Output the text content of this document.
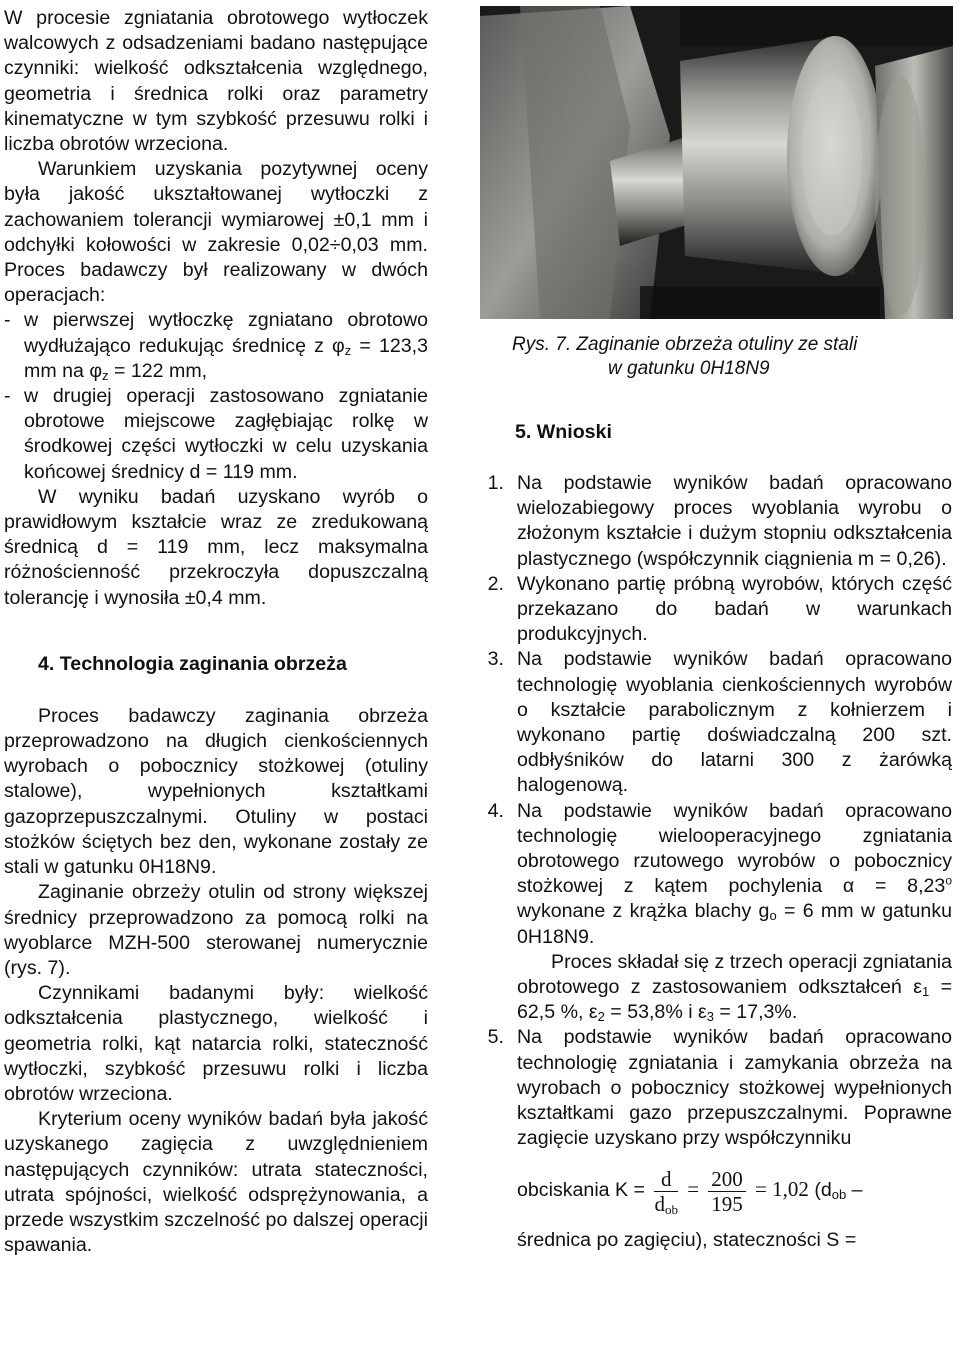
W procesie zgniatania obrotowego wytłoczek walcowych z odsadzeniami badano następujące czynniki: wielkość odkształcenia względnego, geometria i średnica rolki oraz parametry kinematyczne w tym szybkość przesuwu rolki i liczba obrotów wrzeciona.

Warunkiem uzyskania pozytywnej oceny była jakość ukształtowanej wytłoczki z zachowaniem tolerancji wymiarowej ±0,1 mm i odchyłki kołowości w zakresie 0,02÷0,03 mm. Proces badawczy był realizowany w dwóch operacjach:

- w pierwszej wytłoczkę zgniatano obrotowo wydłużająco redukując średnicę z $\varphi_z = 123,3$ mm na $\varphi_z = 122$ mm,

- w drugiej operacji zastosowano zgniatanie obrotowe miejscowe zagłębiając rolkę w środkowej części wytłoczki w celu uzyskania końcowej średnicy d = 119 mm.

W wyniku badań uzyskano wyrób o prawidłowym kształcie wraz ze zredukowaną średnicą d = 119 mm, lecz maksymalna różnościenność przekroczyła dopuszczalną tolerancję i wynosiła ±0,4 mm.

4. Technologia zaginania obrzeża

Proces badawczy zaginania obrzeża przeprowadzono na długich cienkościennych wyrobach o pobocznicy stożkowej (otuliny stalowe), wypełnionych kształtkami gazoprzepuszczalnymi. Otuliny w postaci stożków ściętych bez den, wykonane zostały ze stali w gatunku 0H18N9.

Zaginanie obrzeży otulin od strony większej średnicy przeprowadzono za pomocą rolki na wyoblarce MZH-500 sterowanej numerycznie (rys. 7).

Czynnikami badanymi były: wielkość odkształcenia plastycznego, wielkość i geometria rolki, kąt natarcia rolki, stateczność wytłoczki, szybkość przesuwu rolki i liczba obrotów wrzeciona.

Kryterium oceny wyników badań była jakość uzyskanego zagięcia z uwzględnieniem następujących czynników: utrata stateczności, utrata spójności, wielkość odsprężynowania, a przede wszystkim szczelność po dalszej operacji spawania.

Rys. 7. Zaginanie obrzeża otuliny ze stali
w gatunku 0H18N9
5. Wnioski
1. Na podstawie wyników badań opracowano wielozabiegowy proces wyoblania wyrobu o złożonym kształcie i dużym stopniu odkształcenia plastycznego (współczynnik ciągnienia m = 0,26).

2. Wykonano partię próbną wyrobów, których część przekazano do badań w warunkach produkcyjnych.

3. Na podstawie wyników badań opracowano technologię wyoblania cienkościennych wyrobów o kształcie parabolicznym z kołnierzem i wykonano partię doświadczalną 200 szt. odbłyśników do latarni 300 z żarówką halogenową.

4. Na podstawie wyników badań opracowano technologię wielooperacyjnego zgniatania obrotowego rzutowego wyrobów o pobocznicy stożkowej z kątem pochylenia $\alpha = 8,23^o$ wykonane z krążka blachy $g_o = 6$ mm w gatunku 0H18N9.

Proces składał się z trzech operacji zgniatania obrotowego z zastosowaniem odkształceń $\varepsilon_1 = 62,5$ %, $\varepsilon_2 = 53,8\%$ i $\varepsilon_3 = 17,3\%$.

5. Na podstawie wyników badań opracowano technologię zgniatania i zamykania obrzeża na wyrobach o pobocznicy stożkowej wypełnionych kształtkami gazo przepuszczalnymi. Poprawne zagięcie uzyskano przy współczynniku

obciskania $K = \frac{d}{d_{ob}} = \frac{200}{195} = 1,02$ ($d_{ob}$ –

średnica po zagięciu), stateczności S =
